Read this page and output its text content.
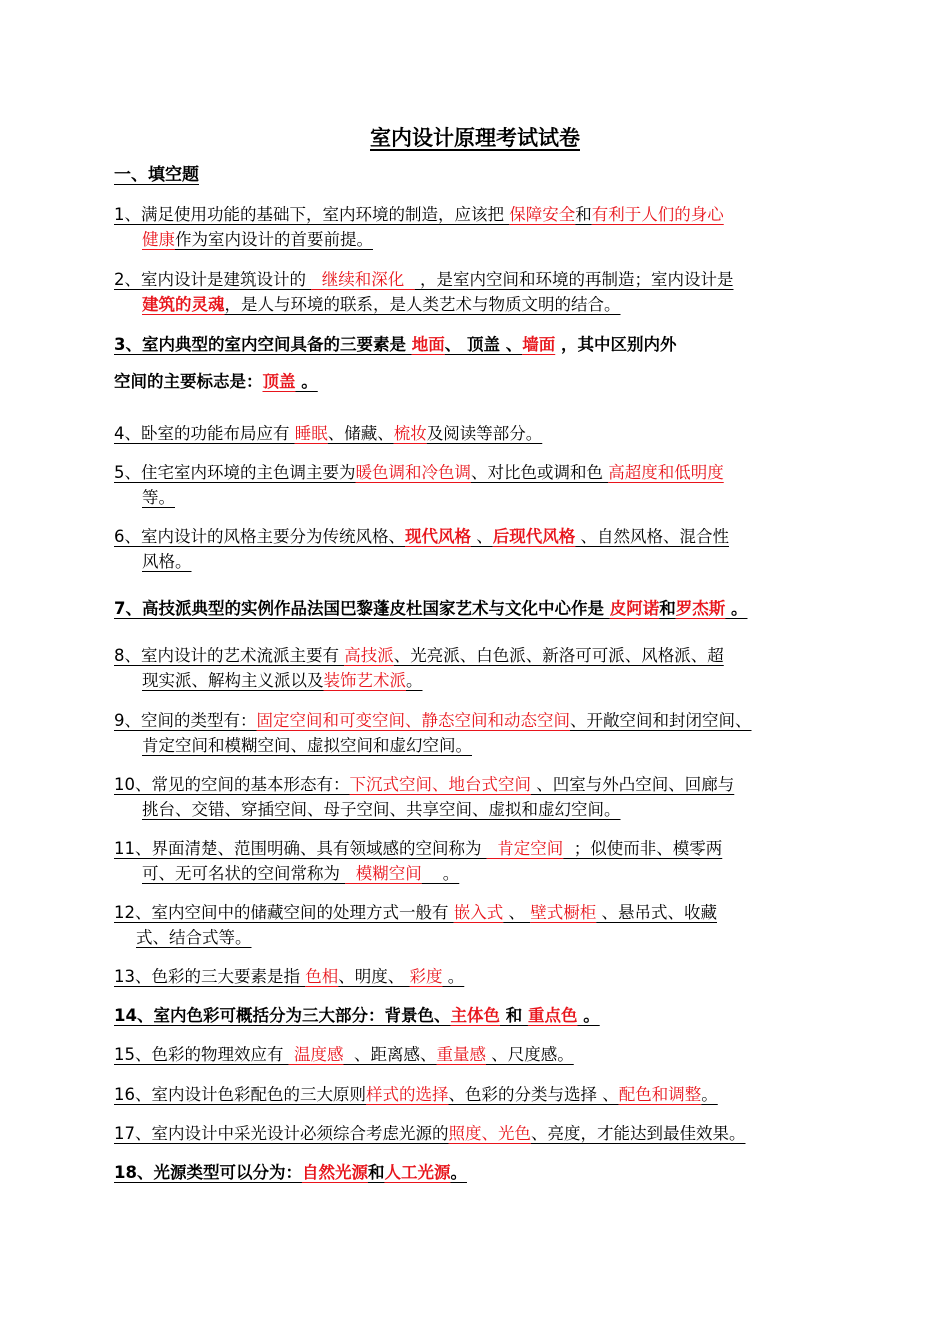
室内设计原理考试试卷
一、填空题
1、满足使用功能的基础下，室内环境的制造，应该把 保障安全和有利于人们的身心
健康作为室内设计的首要前提。
2、室内设计是建筑设计的   继续和深化   ，是室内空间和环境的再制造；室内设计是
建筑的灵魂，是人与环境的联系，是人类艺术与物质文明的结合。
3、室内典型的室内空间具备的三要素是 地面、 顶盖 、墙面 ，其中区别内外
空间的主要标志是：顶盖 。
4、卧室的功能布局应有 睡眠、储藏、梳妆及阅读等部分。
5、住宅室内环境的主色调主要为暖色调和冷色调、对比色或调和色 高超度和低明度
等。
6、室内设计的风格主要分为传统风格、现代风格 、后现代风格 、自然风格、混合性
风格。
7、高技派典型的实例作品法国巴黎蓬皮杜国家艺术与文化中心作是 皮阿诺和罗杰斯 。
8、室内设计的艺术流派主要有 高技派、光亮派、白色派、新洛可可派、风格派、超
现实派、解构主义派以及装饰艺术派。
9、空间的类型有：固定空间和可变空间、静态空间和动态空间、开敞空间和封闭空间、
肯定空间和模糊空间、虚拟空间和虚幻空间。
10、常见的空间的基本形态有：下沉式空间、地台式空间 、凹室与外凸空间、回廊与
挑台、交错、穿插空间、母子空间、共享空间、虚拟和虚幻空间。
11、界面清楚、范围明确、具有领域感的空间称为   肯定空间  ；似使而非、模零两
可、无可名状的空间常称为   模糊空间    。
12、室内空间中的储藏空间的处理方式一般有 嵌入式 、 壁式橱柜 、悬吊式、收藏
式、结合式等。
13、色彩的三大要素是指 色相、明度、 彩度 。
14、室内色彩可概括分为三大部分：背景色、主体色 和 重点色 。
15、色彩的物理效应有  温度感  、距离感、重量感 、尺度感。
16、室内设计色彩配色的三大原则样式的选择、色彩的分类与选择 、配色和调整。
17、室内设计中采光设计必须综合考虑光源的照度、光色、亮度，才能达到最佳效果。
18、光源类型可以分为：自然光源和人工光源。
